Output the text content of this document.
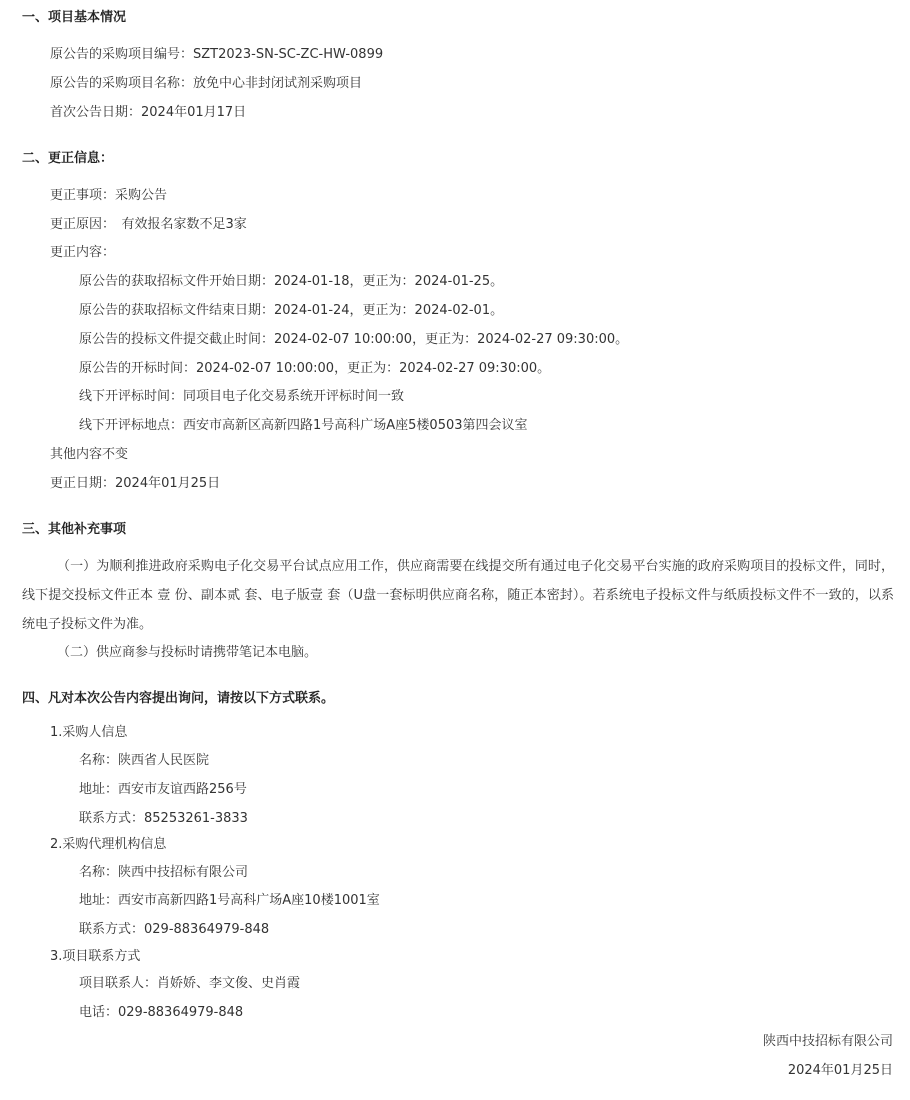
一、项目基本情况
原公告的采购项目编号：SZT2023-SN-SC-ZC-HW-0899
原公告的采购项目名称：放免中心非封闭试剂采购项目
首次公告日期：2024年01月17日
二、更正信息：
更正事项：采购公告
更正原因：　有效报名家数不足3家
更正内容：
原公告的获取招标文件开始日期：2024-01-18，更正为：2024-01-25。
原公告的获取招标文件结束日期：2024-01-24，更正为：2024-02-01。
原公告的投标文件提交截止时间：2024-02-07 10:00:00，更正为：2024-02-27 09:30:00。
原公告的开标时间：2024-02-07 10:00:00，更正为：2024-02-27 09:30:00。
线下开评标时间：同项目电子化交易系统开评标时间一致
线下开评标地点：西安市高新区高新四路1号高科广场A座5楼0503第四会议室
其他内容不变
更正日期：2024年01月25日
三、其他补充事项
（一）为顺利推进政府采购电子化交易平台试点应用工作，供应商需要在线提交所有通过电子化交易平台实施的政府采购项目的投标文件，同时，线下提交投标文件正本 壹 份、副本贰 套、电子版壹 套（U盘一套标明供应商名称，随正本密封）。若系统电子投标文件与纸质投标文件不一致的，以系统电子投标文件为准。
（二）供应商参与投标时请携带笔记本电脑。
四、凡对本次公告内容提出询问，请按以下方式联系。
1.采购人信息
名称：陕西省人民医院
地址：西安市友谊西路256号
联系方式：85253261-3833
2.采购代理机构信息
名称：陕西中技招标有限公司
地址：西安市高新四路1号高科广场A座10楼1001室
联系方式：029-88364979-848
3.项目联系方式
项目联系人：肖娇娇、李文俊、史肖霞
电话：029-88364979-848
陕西中技招标有限公司
2024年01月25日
